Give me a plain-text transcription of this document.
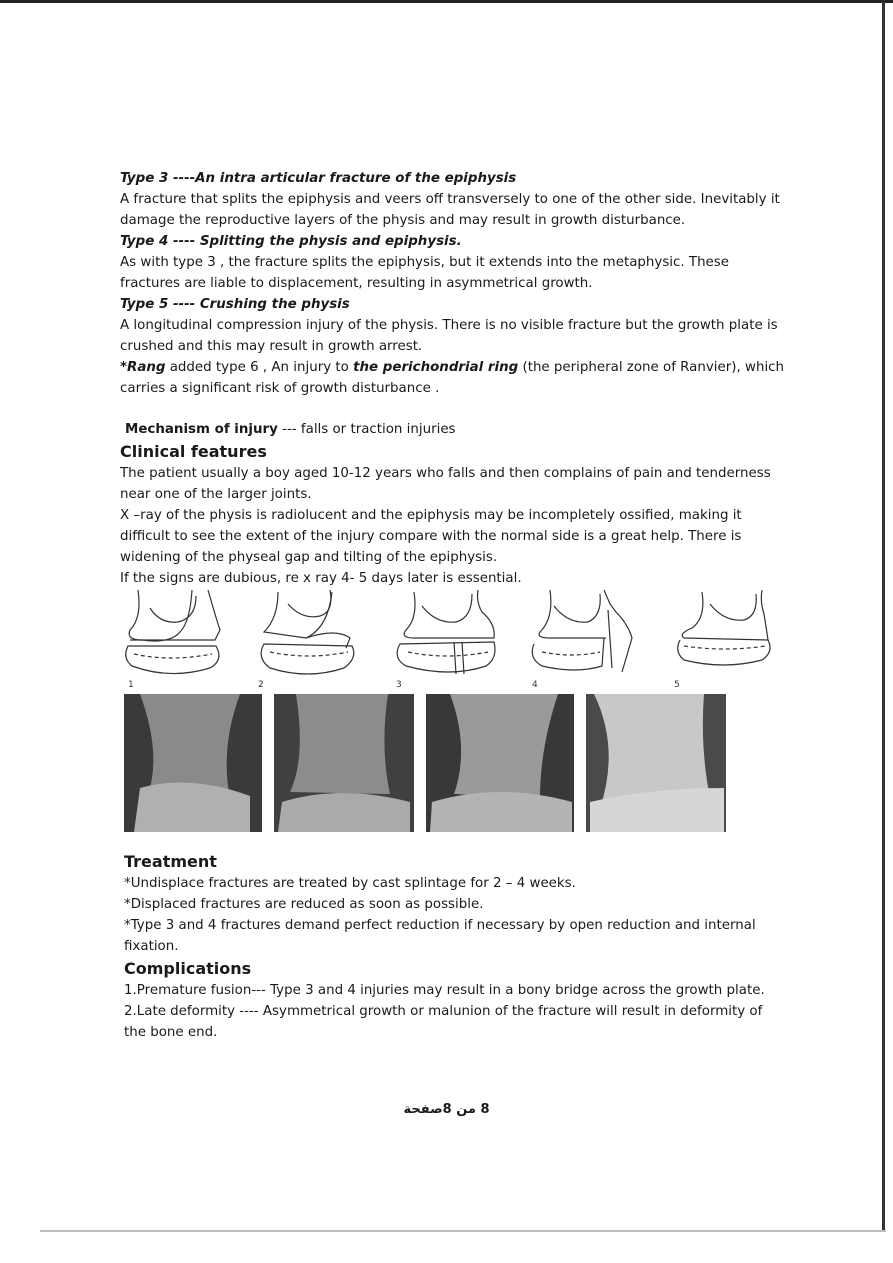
Type 3 ----An intra articular fracture of the epiphysis

A fracture that splits the epiphysis and veers off transversely to one of the other side. Inevitably it damage the reproductive layers of the physis and may result in growth disturbance.

Type 4 ---- Splitting the physis and epiphysis.

As with type 3 , the fracture splits the epiphysis, but it extends into the metaphysic. These fractures are liable to displacement, resulting in asymmetrical growth.

Type 5 ---- Crushing the physis

A longitudinal compression injury of the physis. There is no visible fracture but the growth plate is crushed and this may result in growth arrest.

*Rang added type 6 , An injury to the perichondrial ring (the peripheral zone of Ranvier), which carries a significant risk of growth disturbance .

Mechanism of injury --- falls or traction injuries

Clinical features

The patient usually a boy aged 10-12 years who falls and then complains of pain and tenderness near one of the larger joints.

X –ray of the physis is radiolucent and the epiphysis may be incompletely ossified, making it difficult to see the extent of the injury compare with the normal side is a great help. There is widening of the physeal gap and tilting of the epiphysis.

If the signs are dubious, re x ray 4- 5 days later is essential.

1	2	3	4	5

Treatment

*Undisplace fractures are treated by cast splintage for 2 – 4 weeks.

*Displaced fractures are reduced as soon as possible.

*Type 3 and 4 fractures demand perfect reduction if necessary by open reduction and internal fixation.

Complications

1.Premature fusion--- Type 3 and 4 injuries may result in a bony bridge across the growth plate.

2.Late deformity ---- Asymmetrical growth or malunion of the fracture will result in deformity of the bone end.

8 من 8صفحة
